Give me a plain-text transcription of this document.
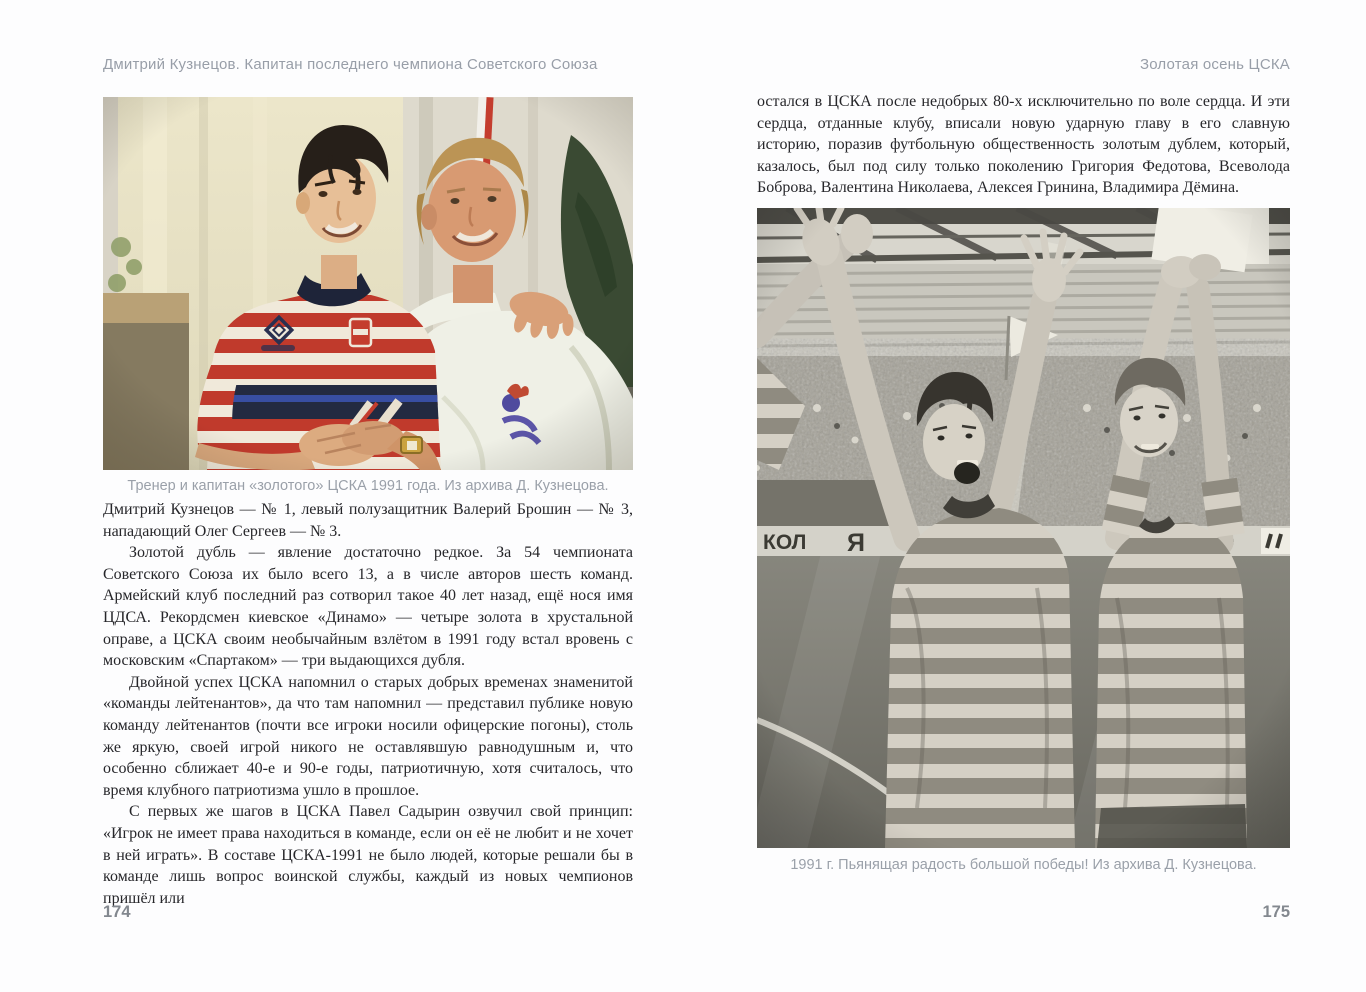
Дмитрий Кузнецов. Капитан последнего чемпиона Советского Союза	Золотая осень ЦСКА
Тренер и капитан «золотого» ЦСКА 1991 года. Из архива Д. Кузнецова.

Дмитрий Кузнецов — № 1, левый полузащитник Валерий Брошин — № 3, нападающий Олег Сергеев — № 3.

Золотой дубль — явление достаточно редкое. За 54 чемпионата Советского Союза их было всего 13, а в числе авторов шесть команд. Армейский клуб последний раз сотворил такое 40 лет назад, ещё нося имя ЦДСА. Рекордсмен киевское «Динамо» — четыре золота в хрустальной оправе, а ЦСКА своим необычайным взлётом в 1991 году встал вровень с московским «Спартаком» — три выдающихся дубля.

Двойной успех ЦСКА напомнил о старых добрых временах знаменитой «команды лейтенантов», да что там напомнил — представил публике новую команду лейтенантов (почти все игроки носили офицерские погоны), столь же яркую, своей игрой никого не оставлявшую равнодушным и, что особенно сближает 40-е и 90-е годы, патриотичную, хотя считалось, что время клубного патриотизма ушло в прошлое.

С первых же шагов в ЦСКА Павел Садырин озвучил свой принцип: «Игрок не имеет права находиться в команде, если он её не любит и не хочет в ней играть». В составе ЦСКА-1991 не было людей, которые решали бы в команде лишь вопрос воинской службы, каждый из новых чемпионов пришёл или

остался в ЦСКА после недобрых 80-х исключительно по воле сердца. И эти сердца, отданные клубу, вписали новую ударную главу в его славную историю, поразив футбольную общественность золотым дублем, который, казалось, был под силу только поколению Григория Федотова, Всеволода Боброва, Валентина Николаева, Алексея Гринина, Владимира Дёмина.

1991 г. Пьянящая радость большой победы! Из архива Д. Кузнецова.
174	175
